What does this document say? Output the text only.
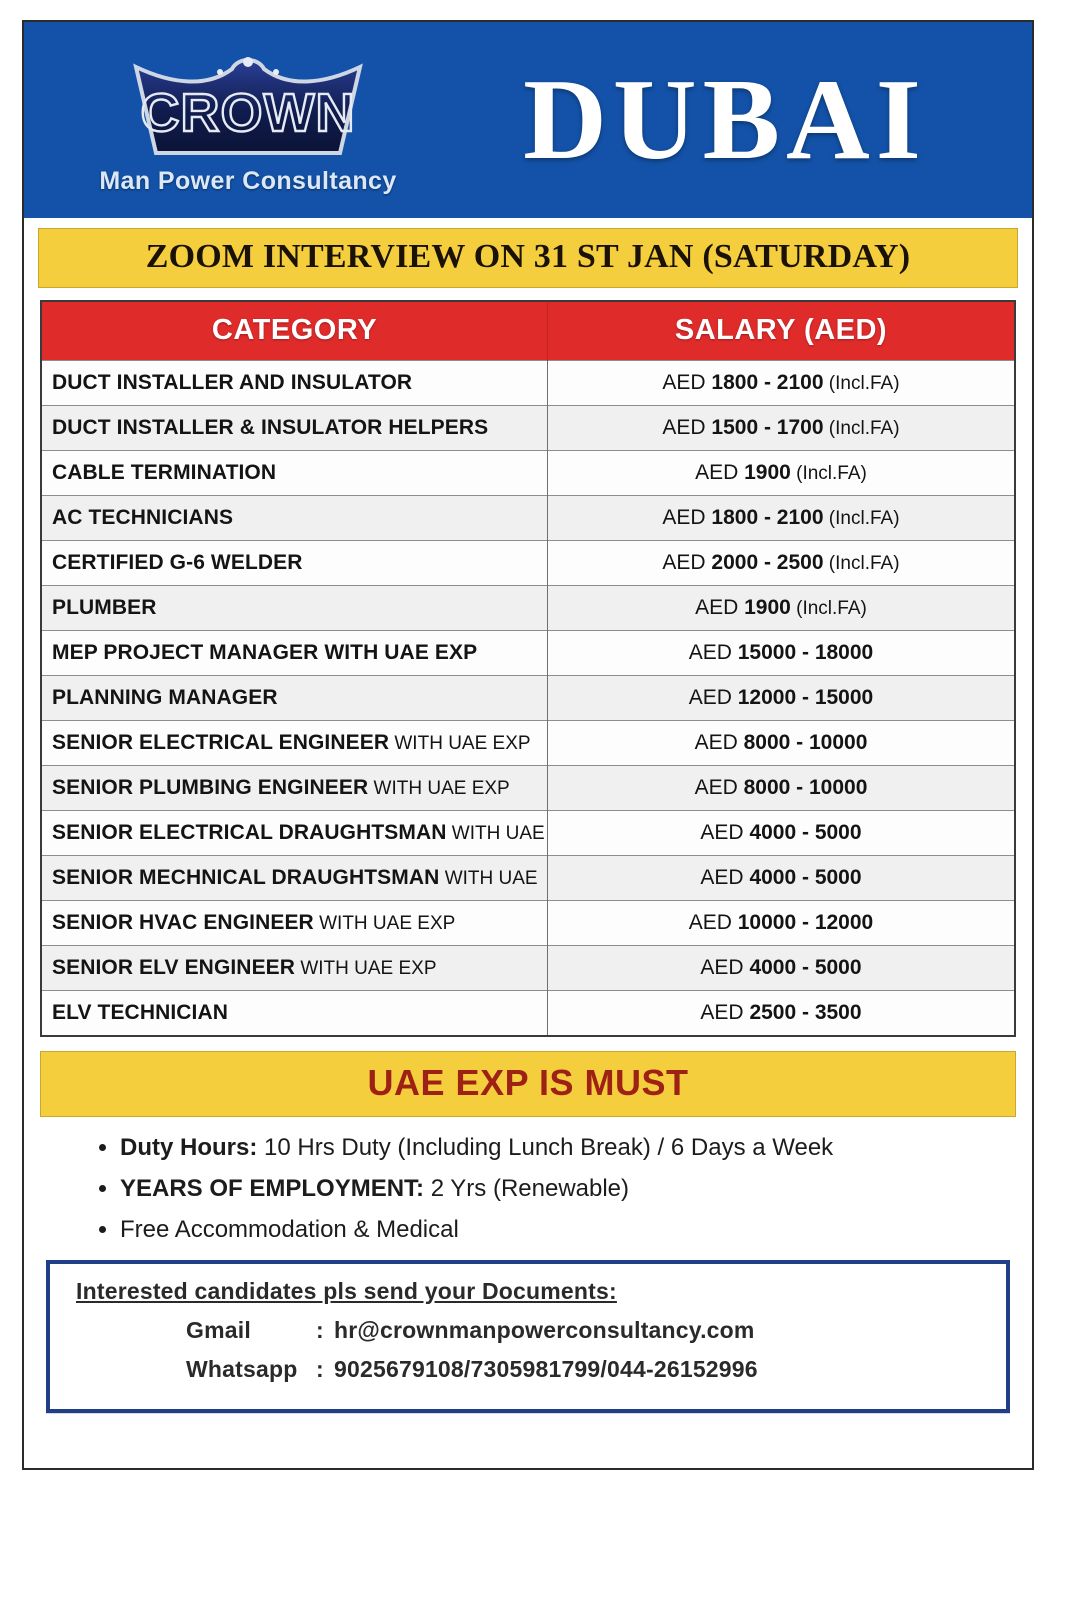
CROWN
Man Power Consultancy	DUBAI
ZOOM INTERVIEW ON 31 ST JAN (SATURDAY)
CATEGORY	SALARY (AED)
DUCT INSTALLER AND INSULATOR	AED 1800 - 2100 (Incl.FA)
DUCT INSTALLER & INSULATOR HELPERS	AED 1500 - 1700 (Incl.FA)
CABLE TERMINATION	AED 1900 (Incl.FA)
AC TECHNICIANS	AED 1800 - 2100 (Incl.FA)
CERTIFIED G-6 WELDER	AED 2000 - 2500 (Incl.FA)
PLUMBER	AED 1900 (Incl.FA)
MEP PROJECT MANAGER WITH UAE EXP	AED 15000 - 18000
PLANNING MANAGER	AED 12000 - 15000
SENIOR ELECTRICAL ENGINEER WITH UAE EXP	AED 8000 - 10000
SENIOR PLUMBING ENGINEER WITH UAE EXP	AED 8000 - 10000
SENIOR ELECTRICAL DRAUGHTSMAN WITH UAE	AED 4000 - 5000
SENIOR MECHNICAL DRAUGHTSMAN WITH UAE	AED 4000 - 5000
SENIOR HVAC ENGINEER WITH UAE EXP	AED 10000 - 12000
SENIOR ELV ENGINEER WITH UAE EXP	AED 4000 - 5000
ELV TECHNICIAN	AED 2500 - 3500
UAE EXP IS MUST
• Duty Hours: 10 Hrs Duty (Including Lunch Break) / 6 Days a Week
• YEARS OF EMPLOYMENT: 2 Yrs (Renewable)
• Free Accommodation & Medical
Interested candidates pls send your Documents:
Gmail	: hr@crownmanpowerconsultancy.com
Whatsapp : 9025679108/7305981799/044-26152996
